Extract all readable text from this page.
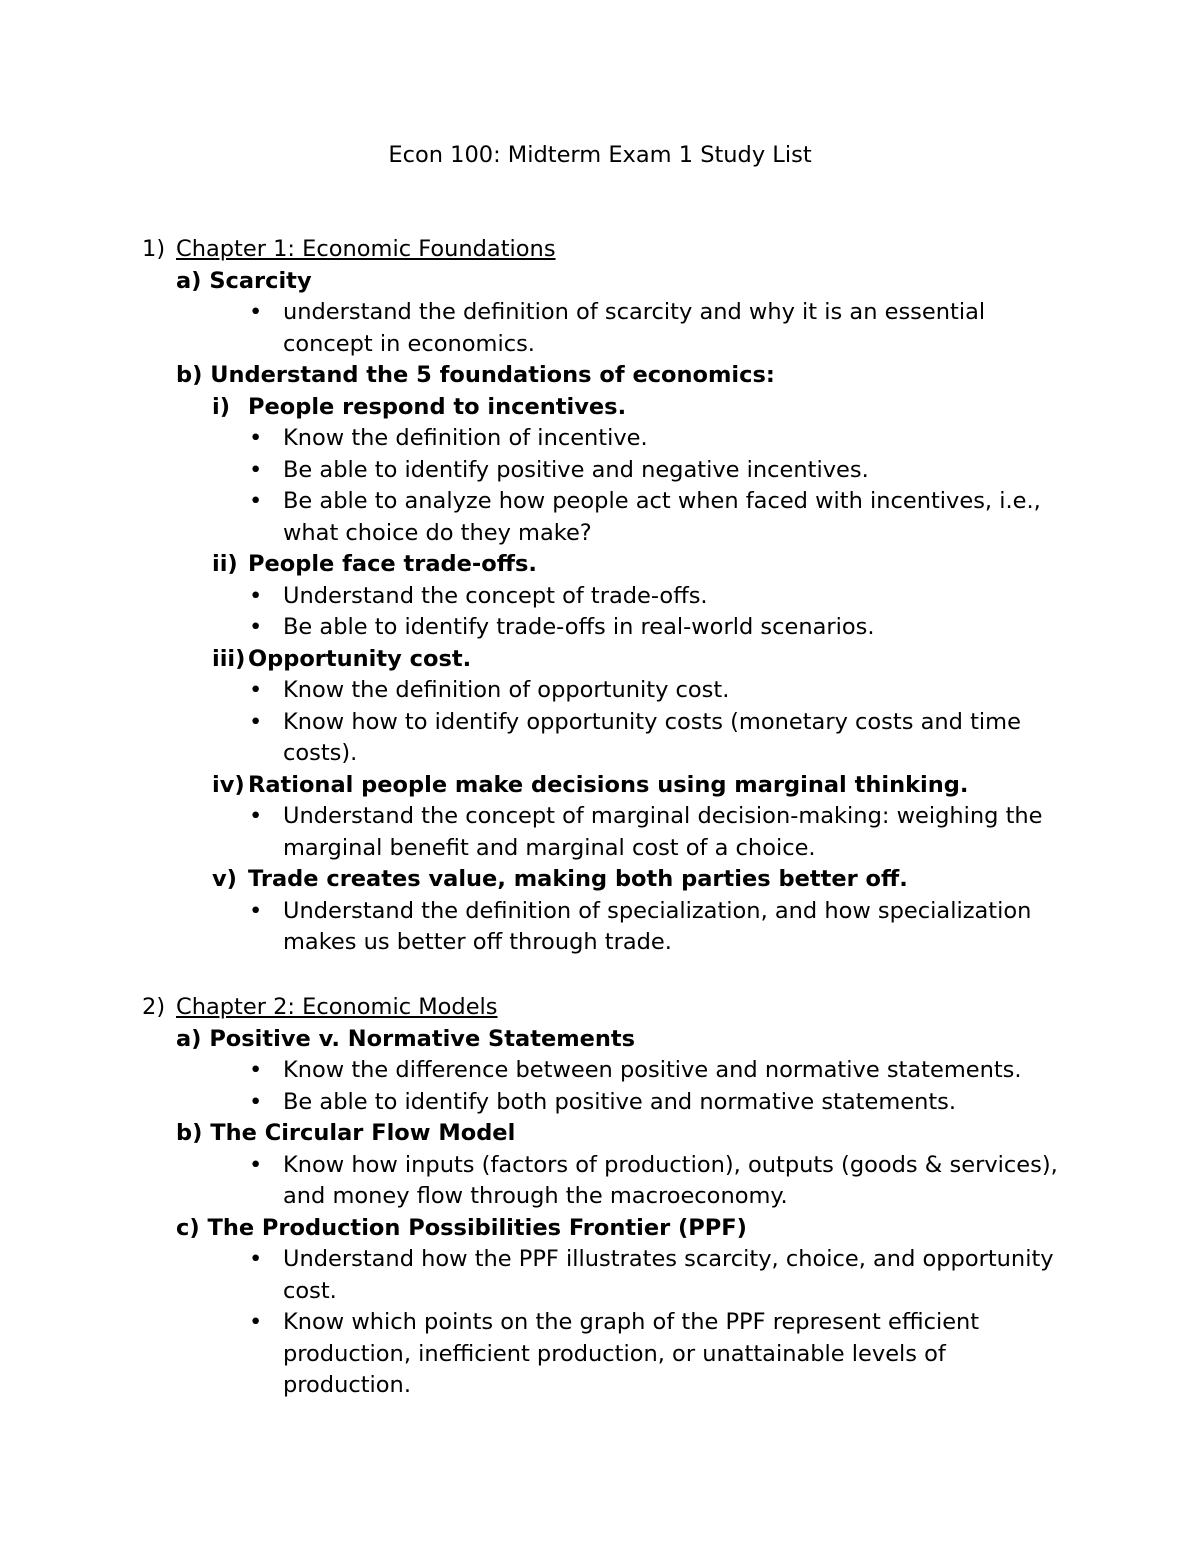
Econ 100: Midterm Exam 1 Study List
1) Chapter 1: Economic Foundations
a) Scarcity
• understand the definition of scarcity and why it is an essential concept in economics.
b) Understand the 5 foundations of economics:
i) People respond to incentives.
• Know the definition of incentive.
• Be able to identify positive and negative incentives.
• Be able to analyze how people act when faced with incentives, i.e., what choice do they make?
ii) People face trade-offs.
• Understand the concept of trade-offs.
• Be able to identify trade-offs in real-world scenarios.
iii) Opportunity cost.
• Know the definition of opportunity cost.
• Know how to identify opportunity costs (monetary costs and time costs).
iv) Rational people make decisions using marginal thinking.
• Understand the concept of marginal decision-making: weighing the marginal benefit and marginal cost of a choice.
v) Trade creates value, making both parties better off.
• Understand the definition of specialization, and how specialization makes us better off through trade.
2) Chapter 2: Economic Models
a) Positive v. Normative Statements
• Know the difference between positive and normative statements.
• Be able to identify both positive and normative statements.
b) The Circular Flow Model
• Know how inputs (factors of production), outputs (goods & services), and money flow through the macroeconomy.
c) The Production Possibilities Frontier (PPF)
• Understand how the PPF illustrates scarcity, choice, and opportunity cost.
• Know which points on the graph of the PPF represent efficient production, inefficient production, or unattainable levels of production.
